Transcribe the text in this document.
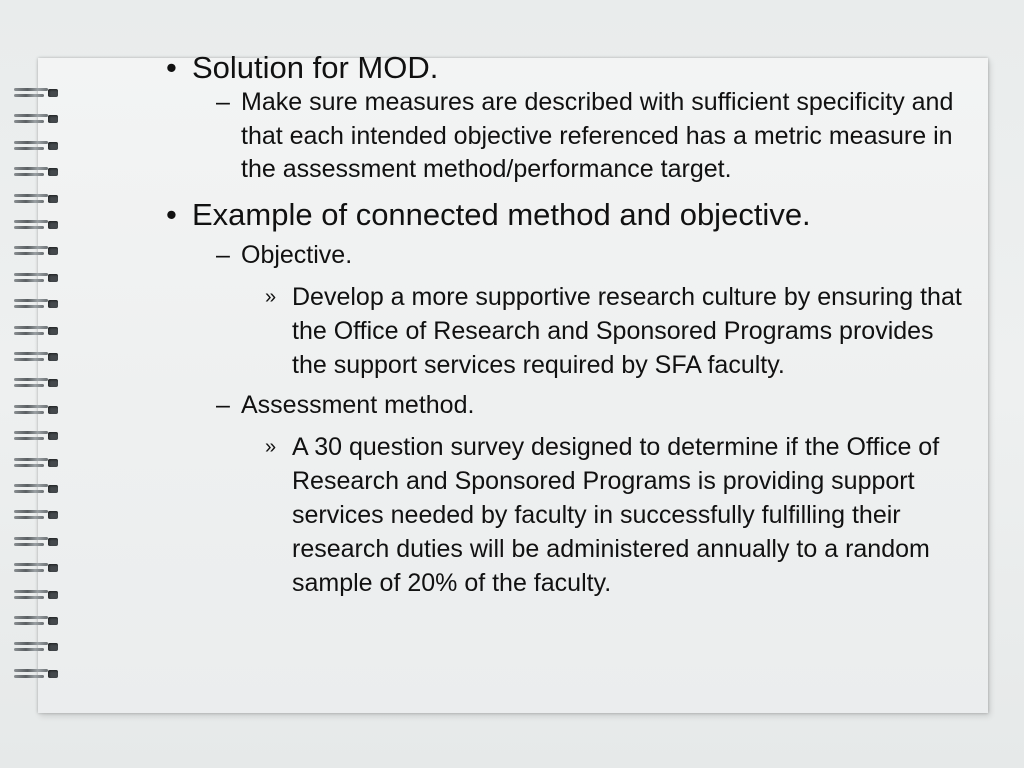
• Solution for MOD.
– Make sure measures are described with sufficient specificity and that each intended objective referenced has a metric measure in the assessment method/performance target.
• Example of connected method and objective.
– Objective.
» Develop a more supportive research culture by ensuring that the Office of Research and Sponsored Programs provides the support services required by SFA faculty.
– Assessment method.
» A 30 question survey designed to determine if the Office of Research and Sponsored Programs is providing support services needed by faculty in successfully fulfilling their research duties will be administered annually to a random sample of 20% of the faculty.
